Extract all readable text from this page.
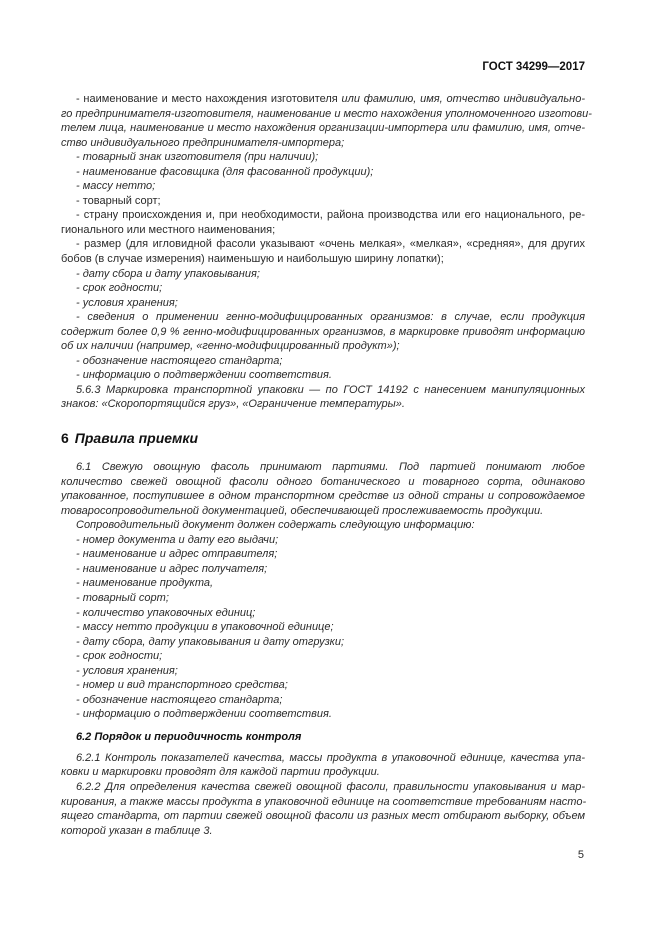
ГОСТ 34299—2017
- наименование и место нахождения изготовителя или фамилию, имя, отчество индивидуально-
го предпринимателя-изготовителя, наименование и место нахождения уполномоченного изготови-
телем лица, наименование и место нахождения организации-импортера или фамилию, имя, отче-
ство индивидуального предпринимателя-импортера;
- товарный знак изготовителя (при наличии);
- наименование фасовщика (для фасованной продукции);
- массу нетто;
- товарный сорт;
- страну происхождения и, при необходимости, района производства или его национального, ре-
гионального или местного наименования;
- размер (для игловидной фасоли указывают «очень мелкая», «мелкая», «средняя», для других
бобов (в случае измерения) наименьшую и наибольшую ширину лопатки);
- дату сбора и дату упаковывания;
- срок годности;
- условия хранения;
- сведения о применении генно-модифицированных организмов: в случае, если продукция
содержит более 0,9 % генно-модифицированных организмов, в маркировке приводят информацию
об их наличии (например, «генно-модифицированный продукт»);
- обозначение настоящего стандарта;
- информацию о подтверждении соответствия.
5.6.3 Маркировка транспортной упаковки — по ГОСТ 14192 с нанесением манипуляционных
знаков: «Скоропортящийся груз», «Ограничение температуры».
6 Правила приемки
6.1 Свежую овощную фасоль принимают партиями. Под партией понимают любое
количество свежей овощной фасоли одного ботанического и товарного сорта, одинаково
упакованное, поступившее в одном транспортном средстве из одной страны и сопровождаемое
товаросопроводительной документацией, обеспечивающей прослеживаемость продукции.
Сопроводительный документ должен содержать следующую информацию:
- номер документа и дату его выдачи;
- наименование и адрес отправителя;
- наименование и адрес получателя;
- наименование продукта,
- товарный сорт;
- количество упаковочных единиц;
- массу нетто продукции в упаковочной единице;
- дату сбора, дату упаковывания и дату отгрузки;
- срок годности;
- условия хранения;
- номер и вид транспортного средства;
- обозначение настоящего стандарта;
- информацию о подтверждении соответствия.
6.2 Порядок и периодичность контроля
6.2.1 Контроль показателей качества, массы продукта в упаковочной единице, качества упа-
ковки и маркировки проводят для каждой партии продукции.
6.2.2 Для определения качества свежей овощной фасоли, правильности упаковывания и мар-
кирования, а также массы продукта в упаковочной единице на соответствие требованиям насто-
ящего стандарта, от партии свежей овощной фасоли из разных мест отбирают выборку, объем
которой указан в таблице 3.
5
